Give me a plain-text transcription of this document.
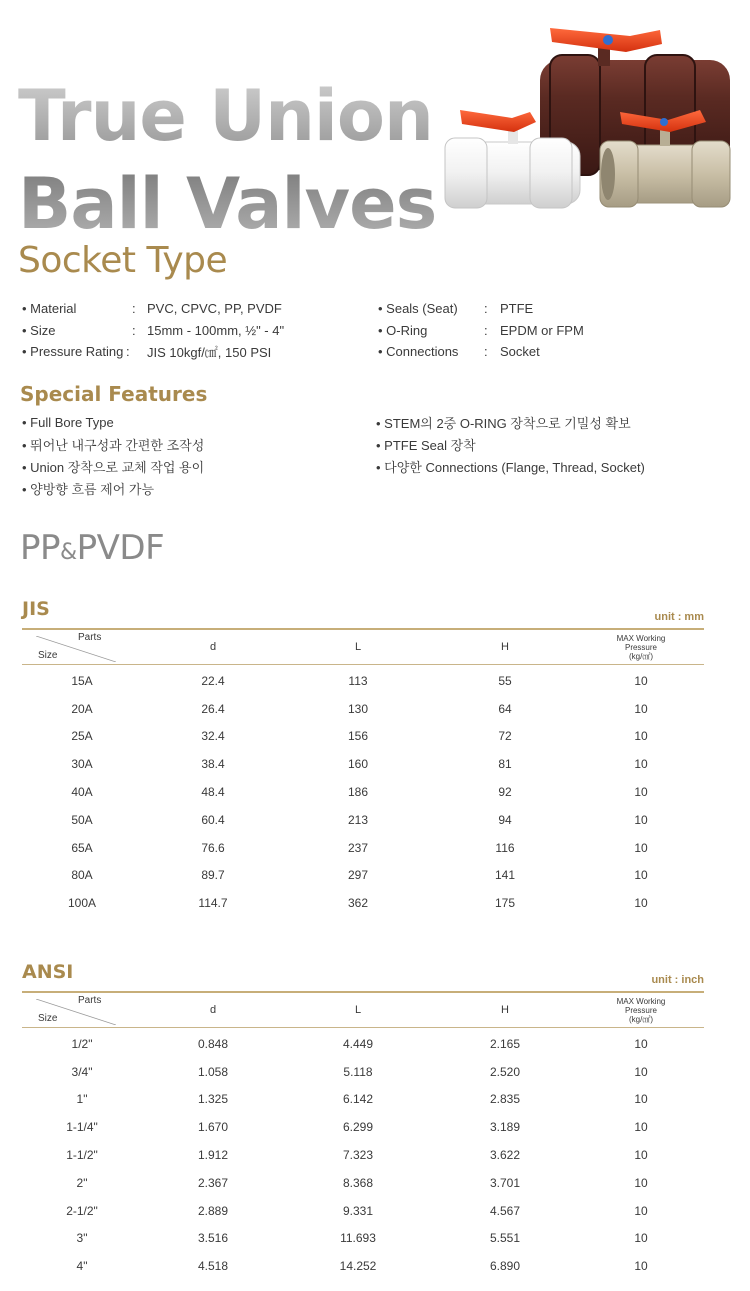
True Union
Ball Valves
Socket Type
• Material	: PVC, CPVC, PP, PVDF
• Size	: 15mm - 100mm, ½" - 4"
• Pressure Rating :	JIS 10kgf/㎠, 150 PSI
• Seals (Seat)	: PTFE
• O-Ring	: EPDM or FPM
• Connections	: Socket
Special Features
• Full Bore Type
• 뛰어난 내구성과 간편한 조작성
• Union 장착으로 교체 작업 용이
• 양방향 흐름 제어 가능
• STEM의 2중 O-RING 장착으로 기밀성 확보
• PTFE Seal 장착
• 다양한 Connections (Flange, Thread, Socket)
PP&PVDF
JIS	unit : mm
Parts
Size
d	L	H
MAX Working
Pressure
(kg/㎠)
15A	22.4	113	55	10
20A	26.4	130	64	10
25A	32.4	156	72	10
30A	38.4	160	81	10
40A	48.4	186	92	10
50A	60.4	213	94	10
65A	76.6	237	116	10
80A	89.7	297	141	10
100A	114.7	362	175	10
ANSI	unit : inch
Parts
Size
d	L	H
MAX Working
Pressure
(kg/㎠)
1/2"	0.848	4.449	2.165	10
3/4"	1.058	5.118	2.520	10
1"	1.325	6.142	2.835	10
1-1/4"	1.670	6.299	3.189	10
1-1/2"	1.912	7.323	3.622	10
2"	2.367	8.368	3.701	10
2-1/2"	2.889	9.331	4.567	10
3"	3.516	11.693	5.551	10
4"	4.518	14.252	6.890	10
